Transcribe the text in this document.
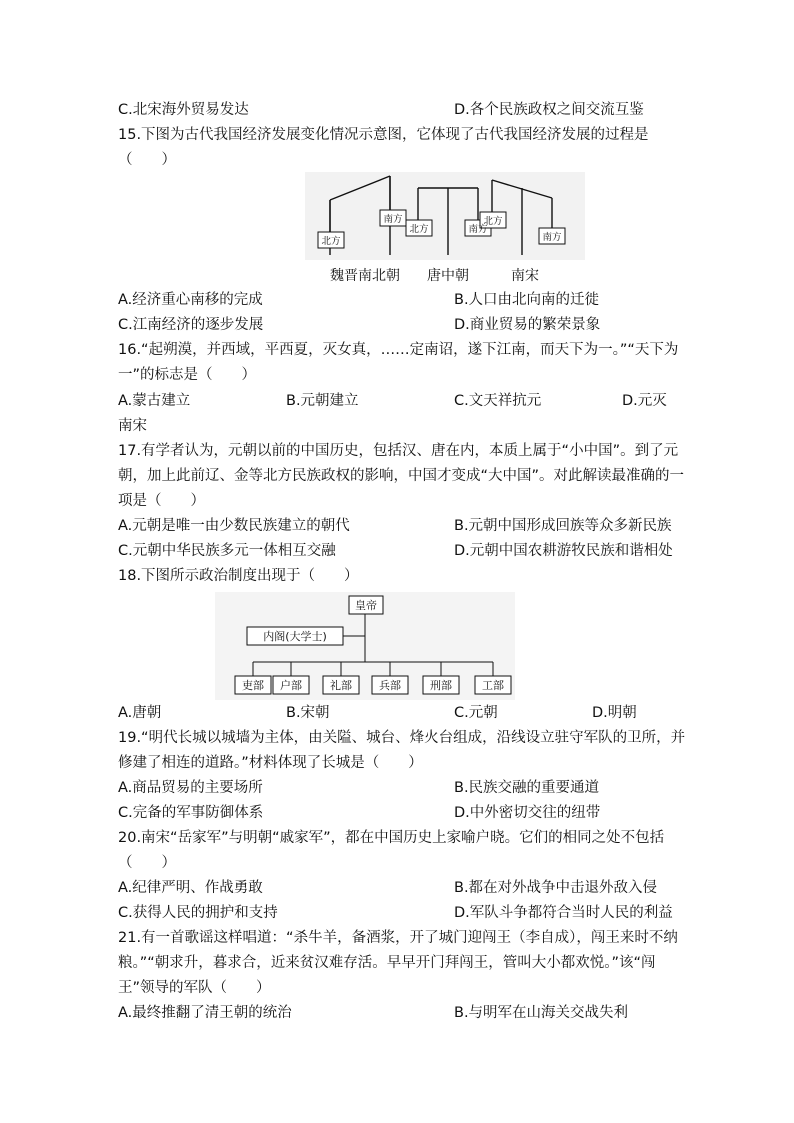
C.北宋海外贸易发达	D.各个民族政权之间交流互鉴
15.下图为古代我国经济发展变化情况示意图，它体现了古代我国经济发展的过程是
（　　）
北方
南方
北方	南方
北方
南方
魏晋南北朝 唐中朝	南宋
A.经济重心南移的完成	B.人口由北向南的迁徙
C.江南经济的逐步发展	D.商业贸易的繁荣景象
16.“起朔漠，并西域，平西夏，灭女真，……定南诏，遂下江南，而天下为一。”“天下为
一”的标志是（　　）
A.蒙古建立	B.元朝建立	C.文天祥抗元	D.元灭
南宋
17.有学者认为，元朝以前的中国历史，包括汉、唐在内，本质上属于“小中国”。到了元
朝，加上此前辽、金等北方民族政权的影响，中国才变成“大中国”。对此解读最准确的一
项是（　　）
A.元朝是唯一由少数民族建立的朝代	B.元朝中国形成回族等众多新民族
C.元朝中华民族多元一体相互交融	D.元朝中国农耕游牧民族和谐相处
18.下图所示政治制度出现于（　　）
皇帝
内阁(大学士)
吏部 户部	礼部 兵部	刑部	工部
A.唐朝	B.宋朝	C.元朝	D.明朝
19.“明代长城以城墙为主体，由关隘、城台、烽火台组成，沿线设立驻守军队的卫所，并
修建了相连的道路。”材料体现了长城是（　　）
A.商品贸易的主要场所	B.民族交融的重要通道
C.完备的军事防御体系	D.中外密切交往的纽带
20.南宋“岳家军”与明朝“戚家军”，都在中国历史上家喻户晓。它们的相同之处不包括
（　　）
A.纪律严明、作战勇敢	B.都在对外战争中击退外敌入侵
C.获得人民的拥护和支持	D.军队斗争都符合当时人民的利益
21.有一首歌谣这样唱道：“杀牛羊，备酒浆，开了城门迎闯王（李自成），闯王来时不纳
粮。”“朝求升，暮求合，近来贫汉难存活。早早开门拜闯王，管叫大小都欢悦。”该“闯
王”领导的军队（　　）
A.最终推翻了清王朝的统治	B.与明军在山海关交战失利
